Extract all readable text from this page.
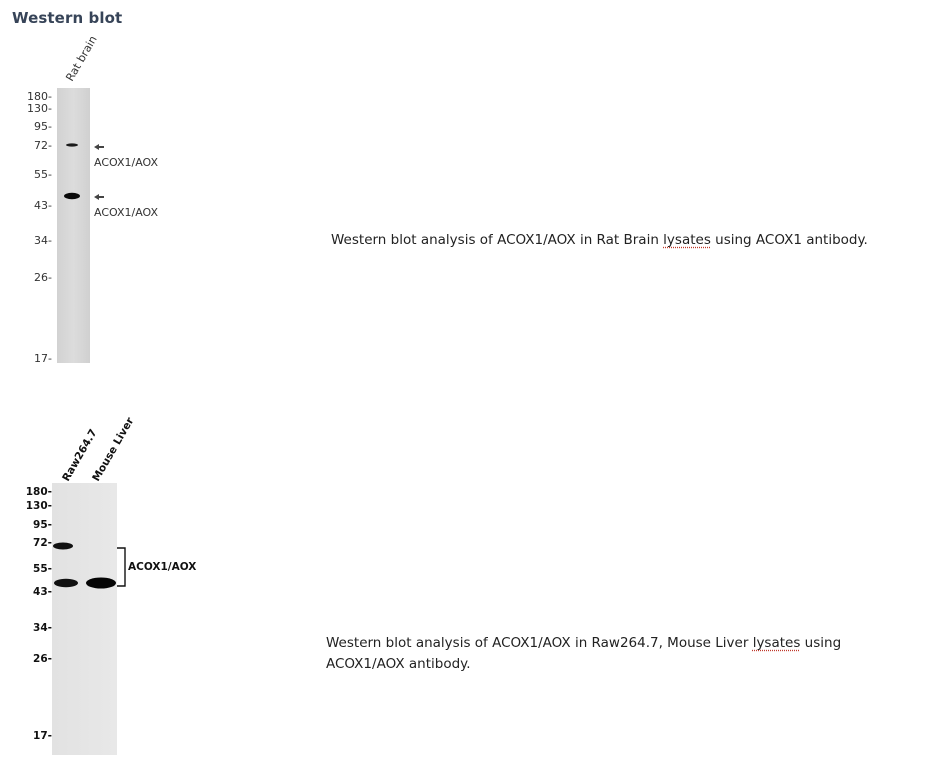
Western blot
Rat brain
180-
130-
95-
72-
55-
43-
34-
26-
17-
ACOX1/AOX
ACOX1/AOX
Western blot analysis of ACOX1/AOX in Rat Brain lysates using ACOX1 antibody.
Raw264.7
Mouse Liver
180-
130-
95-
72-
55-
43-
34-
26-
17-
ACOX1/AOX
Western blot analysis of ACOX1/AOX in Raw264.7, Mouse Liver lysates using
ACOX1/AOX antibody.
